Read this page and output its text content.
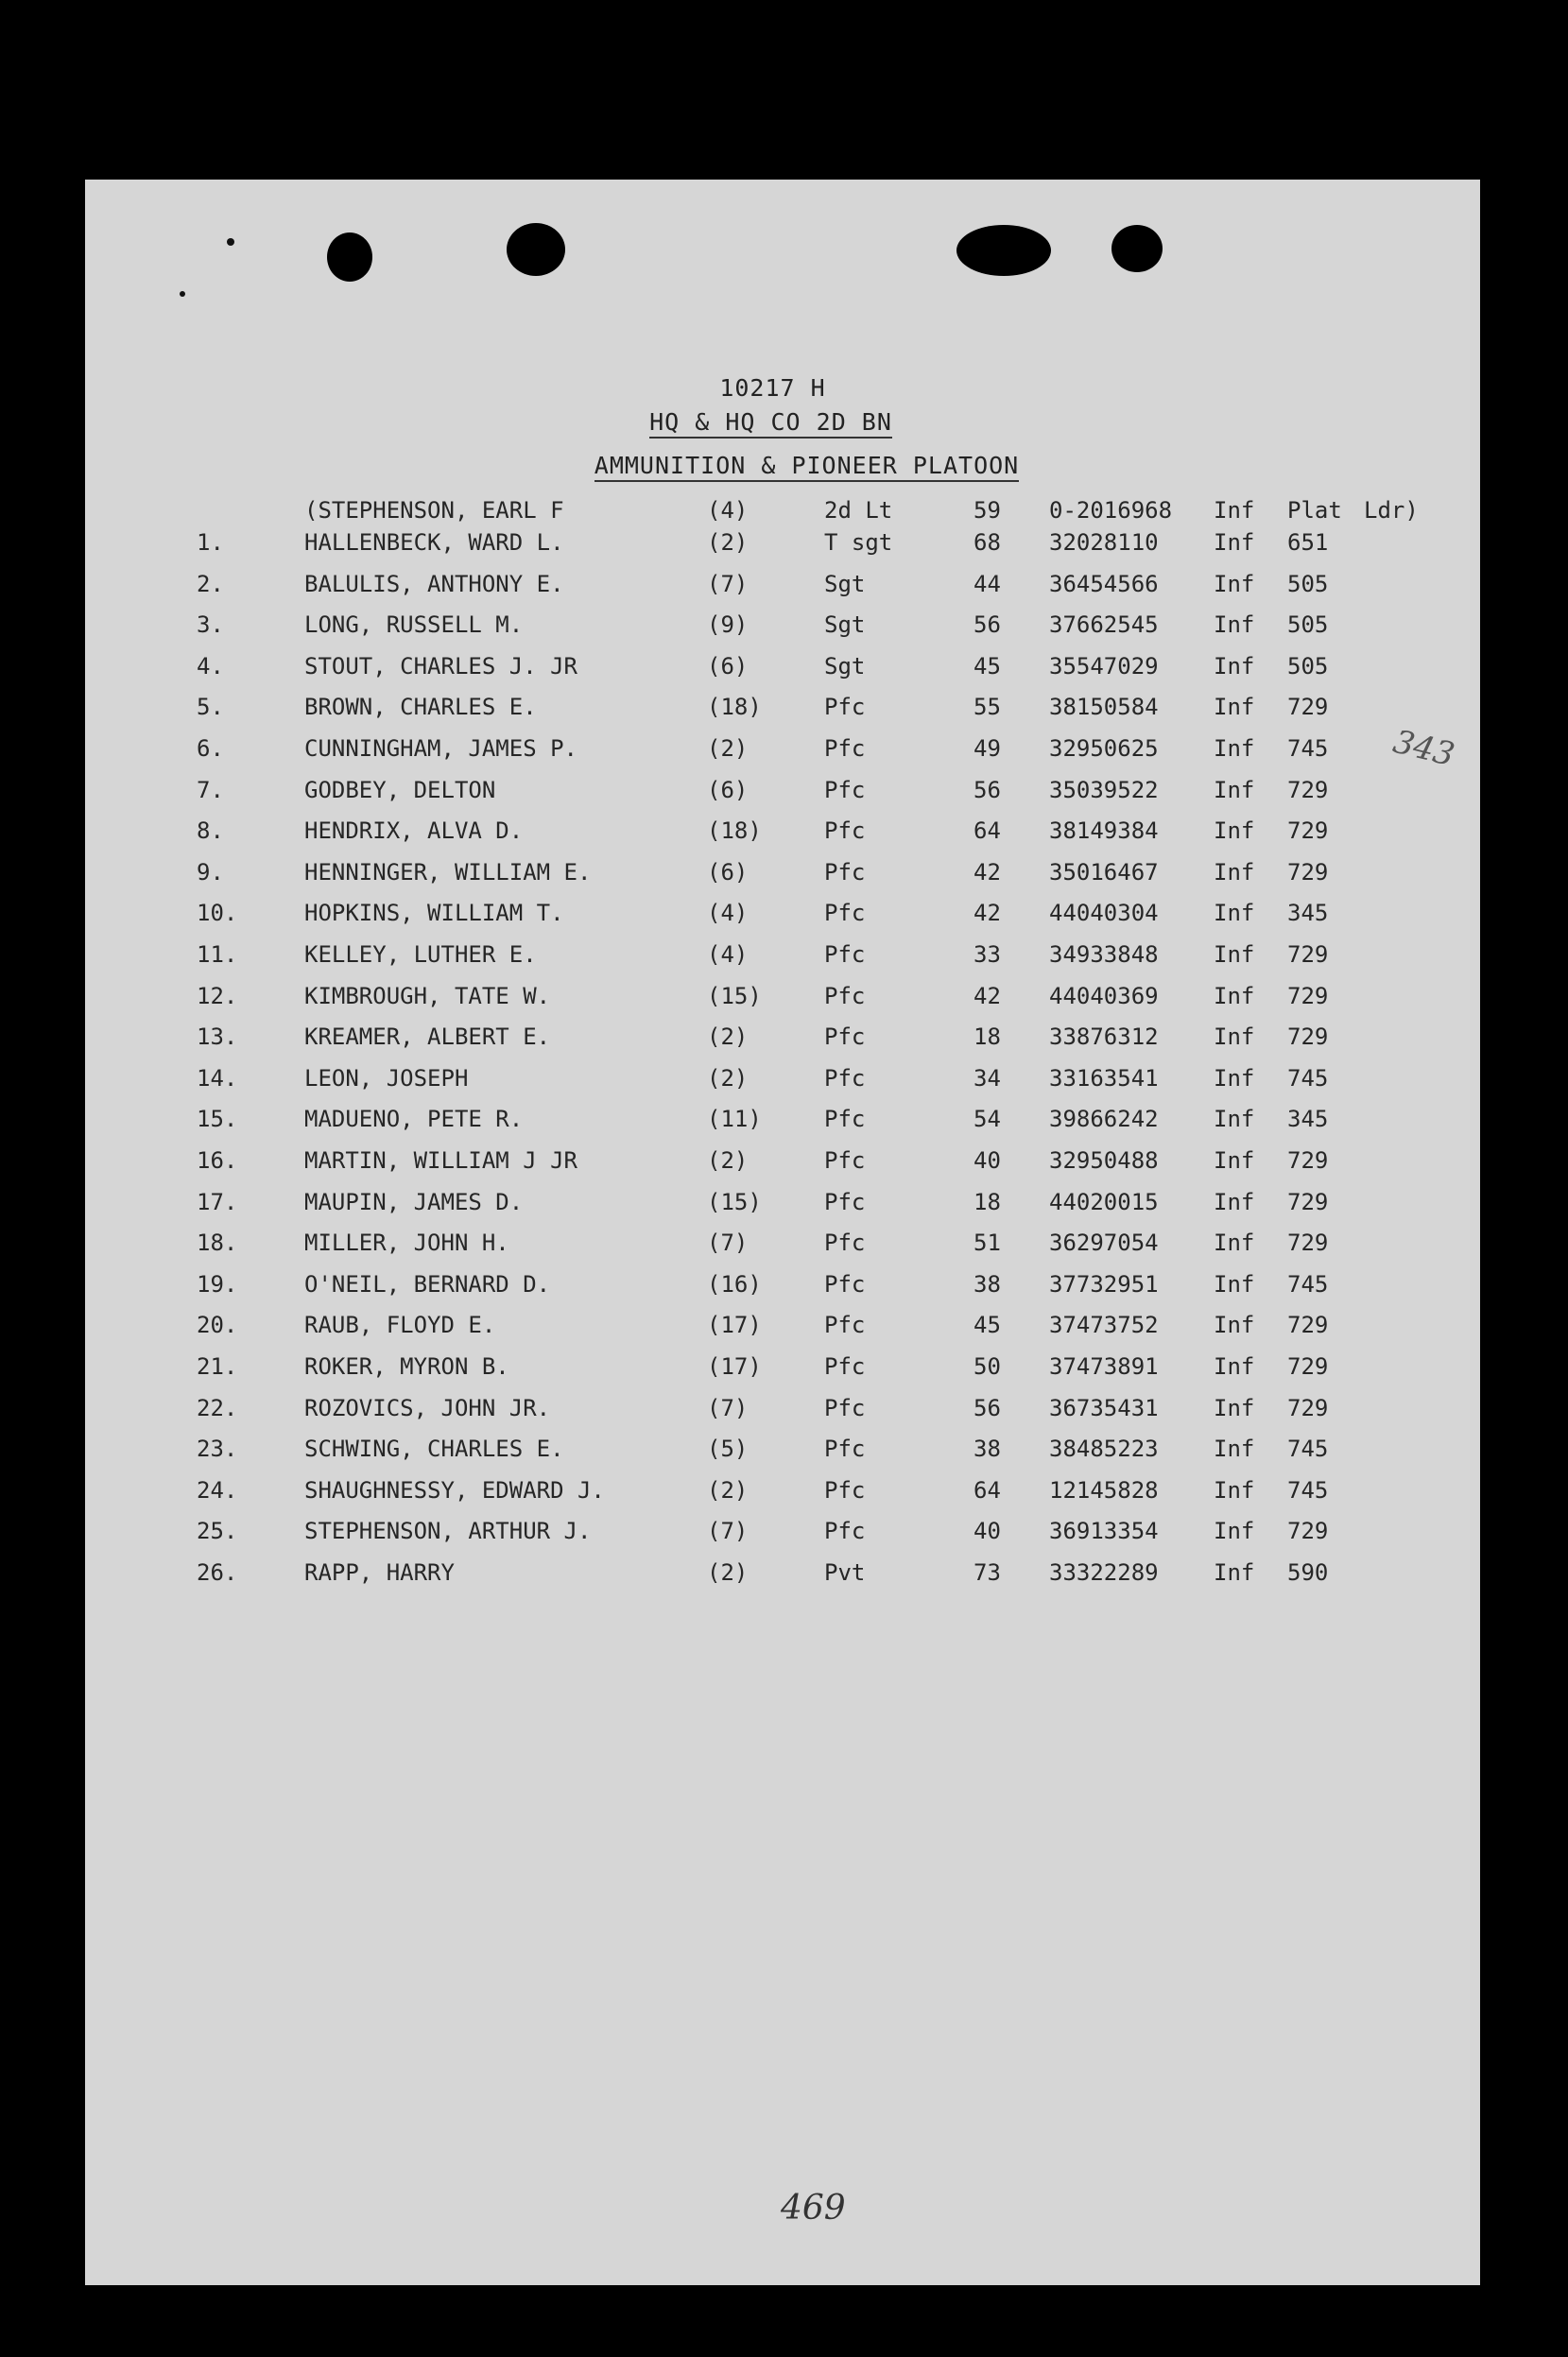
10217 H
HQ & HQ CO 2D BN
AMMUNITION & PIONEER PLATOON
(STEPHENSON, EARL F	(4)	2d Lt	59 0-2016968 Inf Plat Ldr)
1.	HALLENBECK, WARD L.	(2)	T sgt	68 32028110 Inf 651
2.	BALULIS, ANTHONY E.	(7)	Sgt	44 36454566 Inf 505
3.	LONG, RUSSELL M.	(9)	Sgt	56 37662545 Inf 505
4.	STOUT, CHARLES J. JR	(6)	Sgt	45 35547029 Inf 505
5.	BROWN, CHARLES E.	(18)	Pfc	55 38150584 Inf 729
6.	CUNNINGHAM, JAMES P.	(2)	Pfc	49 32950625 Inf 745
7.	GODBEY, DELTON	(6)	Pfc	56 35039522 Inf 729
8.	HENDRIX, ALVA D.	(18)	Pfc	64 38149384 Inf 729
9.	HENNINGER, WILLIAM E.	(6)	Pfc	42 35016467 Inf 729
10.	HOPKINS, WILLIAM T.	(4)	Pfc	42 44040304 Inf 345
11.	KELLEY, LUTHER E.	(4)	Pfc	33 34933848 Inf 729
12.	KIMBROUGH, TATE W.	(15)	Pfc	42 44040369 Inf 729
13.	KREAMER, ALBERT E.	(2)	Pfc	18 33876312 Inf 729
14.	LEON, JOSEPH	(2)	Pfc	34 33163541 Inf 745
15.	MADUENO, PETE R.	(11)	Pfc	54 39866242 Inf 345
16.	MARTIN, WILLIAM J JR	(2)	Pfc	40 32950488 Inf 729
17.	MAUPIN, JAMES D.	(15)	Pfc	18 44020015 Inf 729
18.	MILLER, JOHN H.	(7)	Pfc	51 36297054 Inf 729
19.	O'NEIL, BERNARD D.	(16)	Pfc	38 37732951 Inf 745
20.	RAUB, FLOYD E.	(17)	Pfc	45 37473752 Inf 729
21.	ROKER, MYRON B.	(17)	Pfc	50 37473891 Inf 729
22.	ROZOVICS, JOHN JR.	(7)	Pfc	56 36735431 Inf 729
23.	SCHWING, CHARLES E.	(5)	Pfc	38 38485223 Inf 745
24.	SHAUGHNESSY, EDWARD J.	(2)	Pfc	64 12145828 Inf 745
25.	STEPHENSON, ARTHUR J.	(7)	Pfc	40 36913354 Inf 729
26.	RAPP, HARRY	(2)	Pvt	73 33322289 Inf 590
343
469
